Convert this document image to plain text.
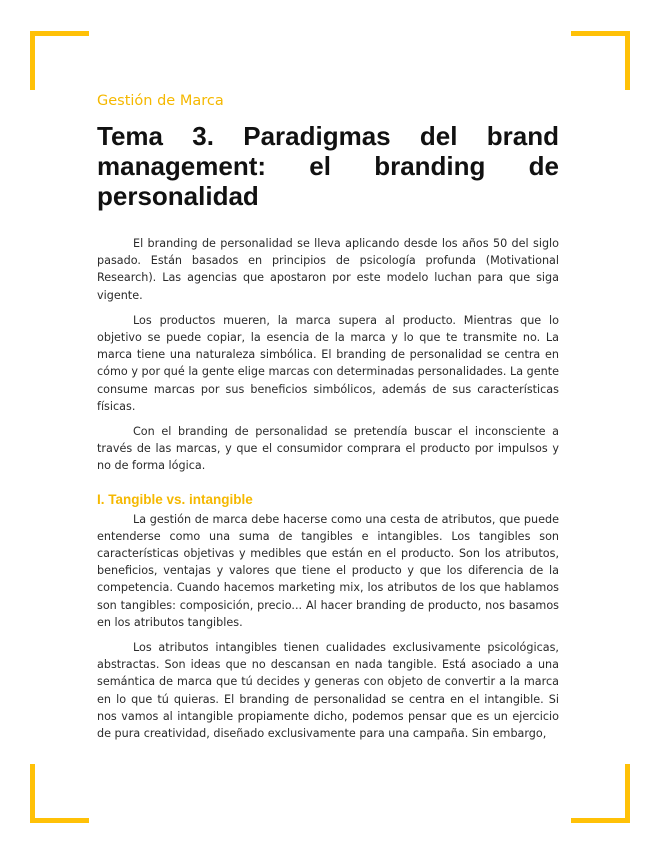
Gestión de Marca
Tema 3. Paradigmas del brand management: el branding de personalidad

El branding de personalidad se lleva aplicando desde los años 50 del siglo pasado. Están basados en principios de psicología profunda (Motivational Research). Las agencias que apostaron por este modelo luchan para que siga vigente.

Los productos mueren, la marca supera al producto. Mientras que lo objetivo se puede copiar, la esencia de la marca y lo que te transmite no. La marca tiene una naturaleza simbólica. El branding de personalidad se centra en cómo y por qué la gente elige marcas con determinadas personalidades. La gente consume marcas por sus beneficios simbólicos, además de sus características físicas.

Con el branding de personalidad se pretendía buscar el inconsciente a través de las marcas, y que el consumidor comprara el producto por impulsos y no de forma lógica.

I. Tangible vs. intangible

La gestión de marca debe hacerse como una cesta de atributos, que puede entenderse como una suma de tangibles e intangibles. Los tangibles son características objetivas y medibles que están en el producto. Son los atributos, beneficios, ventajas y valores que tiene el producto y que los diferencia de la competencia. Cuando hacemos marketing mix, los atributos de los que hablamos son tangibles: composición, precio... Al hacer branding de producto, nos basamos en los atributos tangibles.

Los atributos intangibles tienen cualidades exclusivamente psicológicas, abstractas. Son ideas que no descansan en nada tangible. Está asociado a una semántica de marca que tú decides y generas con objeto de convertir a la marca en lo que tú quieras. El branding de personalidad se centra en el intangible. Si nos vamos al intangible propiamente dicho, podemos pensar que es un ejercicio de pura creatividad, diseñado exclusivamente para una campaña. Sin embargo,
